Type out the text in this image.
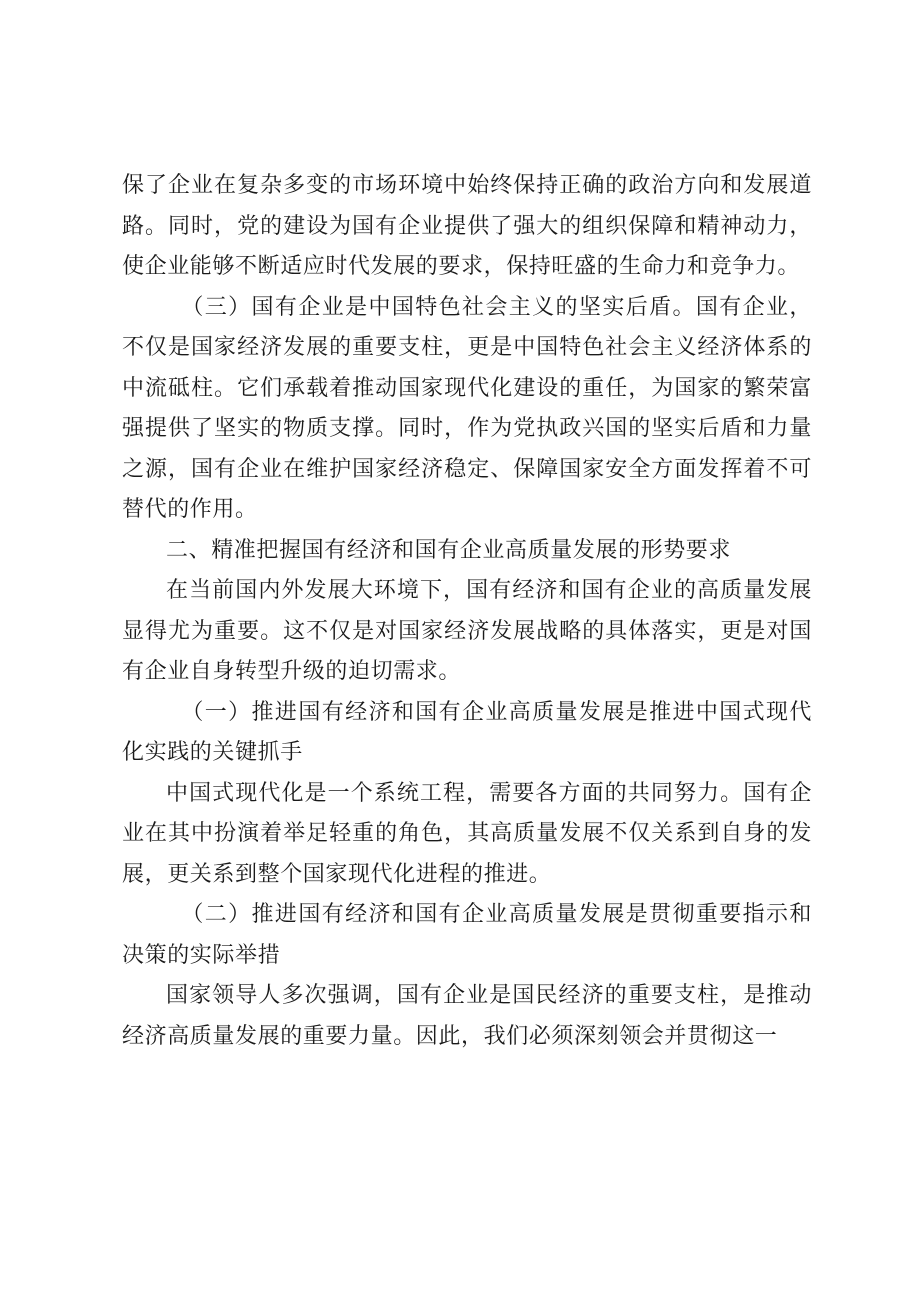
保了企业在复杂多变的市场环境中始终保持正确的政治方向和发展道路。同时，党的建设为国有企业提供了强大的组织保障和精神动力，使企业能够不断适应时代发展的要求，保持旺盛的生命力和竞争力。

（三）国有企业是中国特色社会主义的坚实后盾。国有企业，不仅是国家经济发展的重要支柱，更是中国特色社会主义经济体系的中流砥柱。它们承载着推动国家现代化建设的重任，为国家的繁荣富强提供了坚实的物质支撑。同时，作为党执政兴国的坚实后盾和力量之源，国有企业在维护国家经济稳定、保障国家安全方面发挥着不可替代的作用。

二、精准把握国有经济和国有企业高质量发展的形势要求

在当前国内外发展大环境下，国有经济和国有企业的高质量发展显得尤为重要。这不仅是对国家经济发展战略的具体落实，更是对国有企业自身转型升级的迫切需求。

（一）推进国有经济和国有企业高质量发展是推进中国式现代化实践的关键抓手

中国式现代化是一个系统工程，需要各方面的共同努力。国有企业在其中扮演着举足轻重的角色，其高质量发展不仅关系到自身的发展，更关系到整个国家现代化进程的推进。

（二）推进国有经济和国有企业高质量发展是贯彻重要指示和决策的实际举措

国家领导人多次强调，国有企业是国民经济的重要支柱，是推动经济高质量发展的重要力量。因此，我们必须深刻领会并贯彻这一
